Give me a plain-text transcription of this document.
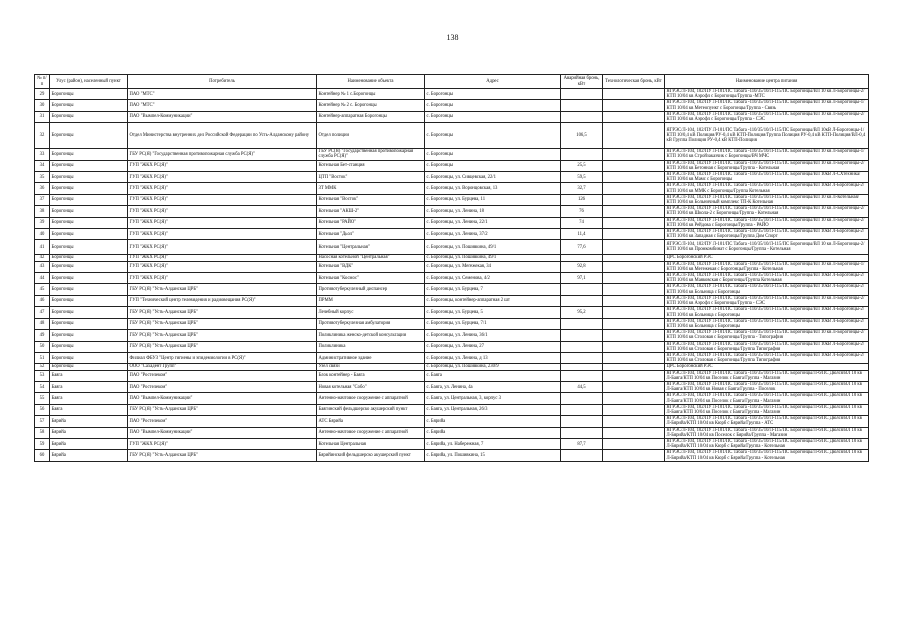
138
№ п/п	Улус (район), населенный пункт	Потребитель	Наименование объекта	Адрес	Аварийная бронь, кВт	Технологическая бронь, кВт	Наименование центра питания
29	Борогонцы	ПАО "МТС"	Контейнер № 1 с.Борогонцы	с. Борогонцы			ЯГРЭС/Л-104, 102/ПУ Л-101/ПС Табага -110/35/10/Л-115/ПС Борогонцы/ВЛ 10 кв Л-Борогонцы-2/КТП 10/04 кв Аэрофл с Борогонцы/Группа -МТС
30	Борогонцы	ПАО "МТС"	Контейнер № 2 с. Борогонцы	с. Борогонцы			ЯГРЭС/Л-104, 102/ПУ Л-101/ПС Табага -110/35/10/Л-115/ПС Борогонцы/ВЛ 10 кв Л-Борогонцы-1/КТП 10/04 кв Метеопункт с Борогонцы/Группа - Связь
31	Борогонцы	ПАО "Вымпел-Коммуникации"	Контейнер-аппаратная Борогонцы	с. Борогонцы			ЯГРЭС/Л-104, 102/ПУ Л-101/ПС Табага -110/35/10/Л-115/ПС Борогонцы/ВЛ 10 кв Л-Борогонцы-2/КТП 10/04 кв Аэрофл с Борогонцы/Группа - СЭС
32	Борогонцы	Отдел Министерства внутренних дел Российской Федерации по Усть-Алданскому району	Отдел полиции	с. Борогонцы	106,5		ЯГРЭС/Л-104, 102/ПУ Л-101/ПС Табага -110/35/10/Л-115/ПС Борогонцы/ВЛ 10кВ Л-Борогонцы-1/КТП 10/0,4 кВ Полиция/РУ-0,4 кВ КТП-Полиция/Группа Полиция РУ-0,4 кВ КТП-Полиция/ВЛ-0,4 кВ Группа Полиция РУ-0,4 кВ КТП-Полиция
33	Борогонцы	ГБУ РС(Я) "Государственная противопожарная служба РС(Я)"	ГБУ РС(Я) "Государственная противопожарная служба РС(Я)"	с. Борогонцы			ЯГРЭС/Л-104, 102/ПУ Л-101/ПС Табага -110/35/10/Л-115/ПС Борогонцы/ВЛ 10 кв Л-Борогонцы-1/КТП 10/04 кв Стройзаказчик с Борогонцы/ВЧ МЧС
34	Борогонцы	ГУП "ЖКХ РС(Я)"	Котельная Бет-станция	с. Борогонцы	25,5		ЯГРЭС/Л-104, 102/ПУ Л-101/ПС Табага -110/35/10/Л-115/ПС Борогонцы/ВЛ 10 кв Л-Борогонцы-2/КТП 10/04 кв Бетонная с Борогонцы/Группа - Котельная
35	Борогонцы	ГУП "ЖКХ РС(Я)"	ЦТП "Восток"	с. Борогонцы, ул. Сивцевская, 22/1	59,5		ЯГРЭС/Л-104, 102/ПУ Л-101/ПС Табага -110/35/10/Л-115/ПС Борогонцы/ВЛ 10кВ Л-СХтехника/КТП 10/04 кв Мамс с Борогонцы
36	Борогонцы	ГУП "ЖКХ РС(Я)"	ЗТ ММК	с. Борогонцы, ул. Воронцовская, 13	32,7		ЯГРЭС/Л-104, 102/ПУ Л-101/ПС Табага -110/35/10/Л-115/ПС Борогонцы/ВЛ 10кВ Л-Борогонцы-2/КТП 10/04 кв ММК с Борогонцы/Группа Котельная
37	Борогонцы	ГУП "ЖКХ РС(Я)"	Котельная "Восток"	с. Борогонцы, ул. Бурцева, 11	126		ЯГРЭС/Л-104, 102/ПУ Л-101/ПС Табага -110/35/10/Л-115/ПС Борогонцы/ВЛ 10 кв Л-Котельная/КТП 10/04 кв Больничный комплекс ТП-К Котельная
38	Борогонцы	ГУП "ЖКХ РС(Я)"	Котельная "АКШ-2"	с. Борогонцы, ул. Ленина, 18	76		ЯГРЭС/Л-104, 102/ПУ Л-101/ПС Табага -110/35/10/Л-115/ПС Борогонцы/ВЛ 10 кв Л-Борогонцы-2/КТП 10/04 кв Школа-2 с Борогонцы/Группа - Котельная
39	Борогонцы	ГУП "ЖКХ РС(Я)"	Котельная "РАЙО"	с. Борогонцы, ул. Ленина, 22/1	74		ЯГРЭС/Л-104, 102/ПУ Л-101/ПС Табага -110/35/10/Л-115/ПС Борогонцы/ВЛ 10 кв Л-Борогонцы-2/КТП 10/04 кв Рейдова с Борогонцы/Группа - РАЙО
40	Борогонцы	ГУП "ЖКХ РС(Я)"	Котельная "Дьол"	с. Борогонцы, ул. Ленина, 37/2	11,4		ЯГРЭС/Л-104, 102/ПУ Л-101/ПС Табага -110/35/10/Л-115/ПС Борогонцы/ВЛ 10кВ Л-Борогонцы-2/КТП 10/04 кв Западная с Борогонцы/Группа Дом Спорт
41	Борогонцы	ГУП "ЖКХ РС(Я)"	Котельная "Центральная"	с. Борогонцы, ул. Пошивкина, 49/1	77,6		ЯГРЭС/Л-104, 102/ПУ Л-101/ПС Табага -110/35/10/Л-115/ПС Борогонцы/ВЛ 10 кв Л-Борогонцы-2/КТП 10/04 кв Промкомбинат с Борогонцы/Группа - Котельная
42	Борогонцы	ГУП "ЖКХ РС(Я)"	Насосная котельной "Центральная"	с. Борогонцы, ул. Пошивкина, 49/1			ЦРС Борогонский РЭС
43	Борогонцы	ГУП "ЖКХ РС(Я)"	Котельная "ВДК"	с. Борогонцы, ул. Мегежекая, 34	92,8		ЯГРЭС/Л-104, 102/ПУ Л-101/ПС Табага -110/35/10/Л-115/ПС Борогонцы/ВЛ 10 кв Л-Борогонцы-1/КТП 10/04 кв Мегежекая с Борогонцы/Группа - Котельная
44	Борогонцы	ГУП "ЖКХ РС(Я)"	Котельная "Космос"	с. Борогонцы, ул. Семенова, 4/2	97,1		ЯГРЭС/Л-104, 102/ПУ Л-101/ПС Табага -110/35/10/Л-115/ПС Борогонцы/ВЛ 10кВ Л-Борогонцы-2/КТП 10/04 кв Маяковская с Борогонцы/Группа Котельная
45	Борогонцы	ГБУ РС(Я) "Усть-Алданская ЦРБ"	Противотуберкулезный диспансер	с. Борогонцы, ул. Бурцева, 7			ЯГРЭС/Л-104, 102/ПУ Л-101/ПС Табага -110/35/10/Л-115/ПС Борогонцы/ВЛ 10кВ Л-Борогонцы-2/КТП 10/04 кв Больница с Борогонцы
46	Борогонцы	ГУП "Технический центр телевидения и радиовещания РС(Я)"	ПРММ	с. Борогонцы, контейнер-аппаратная 2 шт			ЯГРЭС/Л-104, 102/ПУ Л-101/ПС Табага -110/35/10/Л-115/ПС Борогонцы/ВЛ 10 кв Л-Борогонцы-2/КТП 10/04 кв Аэрофл с Борогонцы/Группа - СЭС
47	Борогонцы	ГБУ РС(Я) "Усть-Алданская ЦРБ"	Лечебный корпус	с. Борогонцы, ул. Бурцева, 5	95,2		ЯГРЭС/Л-104, 102/ПУ Л-101/ПС Табага -110/35/10/Л-115/ПС Борогонцы/ВЛ 10кВ Л-Борогонцы-2/КТП 10/04 кв Больница с Борогонцы
48	Борогонцы	ГБУ РС(Я) "Усть-Алданская ЦРБ"	Противотуберкулезная амбулатория	с. Борогонцы, ул. Бурцева, 7/1			ЯГРЭС/Л-104, 102/ПУ Л-101/ПС Табага -110/35/10/Л-115/ПС Борогонцы/ВЛ 10кВ Л-Борогонцы-2/КТП 10/04 кв Больница с Борогонцы
49	Борогонцы	ГБУ РС(Я) "Усть-Алданская ЦРБ"	Поликлиника женско-детской консультации	с. Борогонцы, ул. Ленина, 36/1			ЯГРЭС/Л-104, 102/ПУ Л-101/ПС Табага -110/35/10/Л-115/ПС Борогонцы/ВЛ 10 кв Л-Борогонцы-2/КТП 10/04 кв Столовая с Борогонцы/Группа - Типография
50	Борогонцы	ГБУ РС(Я) "Усть-Алданская ЦРБ"	Поликлиника	с. Борогонцы, ул. Ленина, 27			ЯГРЭС/Л-104, 102/ПУ Л-101/ПС Табага -110/35/10/Л-115/ПС Борогонцы/ВЛ 10кВ Л-Борогонцы-2/КТП 10/04 кв Столовая с Борогонцы/Группа Типография
51	Борогонцы	Филиал ФБУЗ "Центр гигиены и эпидемиологии в РС(Я)"	Административное здание	с. Борогонцы, ул. Ленина, д 13			ЯГРЭС/Л-104, 102/ПУ Л-101/ПС Табага -110/35/10/Л-115/ПС Борогонцы/ВЛ 10кВ Л-Борогонцы-2/КТП 10/04 кв Столовая с Борогонцы/Группа Типография
52	Борогонцы	ООО "Сахадент Групп"	Узел связи	с. Борогонцы, ул. Пошивкина, 230/9			ЦРС Борогонский РЭС
53	Баяга	ПАО "Ростелеком"	Блок контейнер - Баяга	с. Баяга			ЯГРЭС/Л-104, 102/ПУ Л-101/ПС Табага -110/35/10/Л-115/ПС Борогонцы/Л-6/ПС Дюлся/ВЛ 10 кв Л-Баяга/КТП 10/04 кв Поселок с Баяга/Группа - Магазин
54	Баяга	ПАО "Ростелеком"	Новая котельная "Собо"	с. Баяга, ул. Ленина, 4а	44,5		ЯГРЭС/Л-104, 102/ПУ Л-101/ПС Табага -110/35/10/Л-115/ПС Борогонцы/Л-6/ПС Дюлся/ВЛ 10 кв Л-Баяга/КТП 10/04 кв Новая с Баяга/Группа - Поселок
55	Баяга	ПАО "Вымпел-Коммуникации"	Антенно-мачтовое сооружение с аппаратной	с. Баяга, ул. Центральная, 3, корпус 3			ЯГРЭС/Л-104, 102/ПУ Л-101/ПС Табага -110/35/10/Л-115/ПС Борогонцы/Л-6/ПС Дюлся/ВЛ 10 кв Л-Баяга/КТП 10/04 кв Поселок с Баяга/Группа - Магазин
56	Баяга	ГБУ РС(Я) "Усть-Алданская ЦРБ"	Баягинский фельдшерско акушерский пункт	с. Баяга, ул. Центральная, 26/3			ЯГРЭС/Л-104, 102/ПУ Л-101/ПС Табага -110/35/10/Л-115/ПС Борогонцы/Л-6/ПС Дюлся/ВЛ 10 кв Л-Баяга/КТП 10/04 кв Поселок с Баяга/Группа - Магазин
57	Бярийа	ПАО "Ростелеком"	АТС Бярийа	с. Бярийа			ЯГРЭС/Л-104, 102/ПУ Л-101/ПС Табага -110/35/10/Л-115/ПС Борогонцы/Л-6/ПС Дюлся/ВЛ 10 кв Л-Бярийа/КТП 10/04 кв Кюрб с Бярийа/Группа - АТС
58	Бярийа	ПАО "Вымпел-Коммуникации"	Антенно-мачтовое сооружение с аппаратной	с. Бярийа			ЯГРЭС/Л-104, 102/ПУ Л-101/ПС Табага -110/35/10/Л-115/ПС Борогонцы/Л-6/ПС Дюлся/ВЛ 10 кв Л-Бярийа/КТП 10/04 кв Поселок с Бярийа/Группа - Магазин
59	Бярийа	ГУП "ЖКХ РС(Я)"	Котельная Центральная	с. Бярийа, ул. Набережная, 7	87,7		ЯГРЭС/Л-104, 102/ПУ Л-101/ПС Табага -110/35/10/Л-115/ПС Борогонцы/Л-6/ПС Дюлся/ВЛ 10 кв Л-Бярийа/КТП 10/04 кв Кюрб с Бярийа/Группа - Котельная
60	Бярийа	ГБУ РС(Я) "Усть-Алданская ЦРБ"	Бярийинский фельдшерско акушерский пункт	с. Бярийа, ул. Пошивкина, 15			ЯГРЭС/Л-104, 102/ПУ Л-101/ПС Табага -110/35/10/Л-115/ПС Борогонцы/Л-6/ПС Дюлся/ВЛ 10 кв Л-Бярийа/КТП 10/04 кв Кюрб с Бярийа/Группа - Котельная
